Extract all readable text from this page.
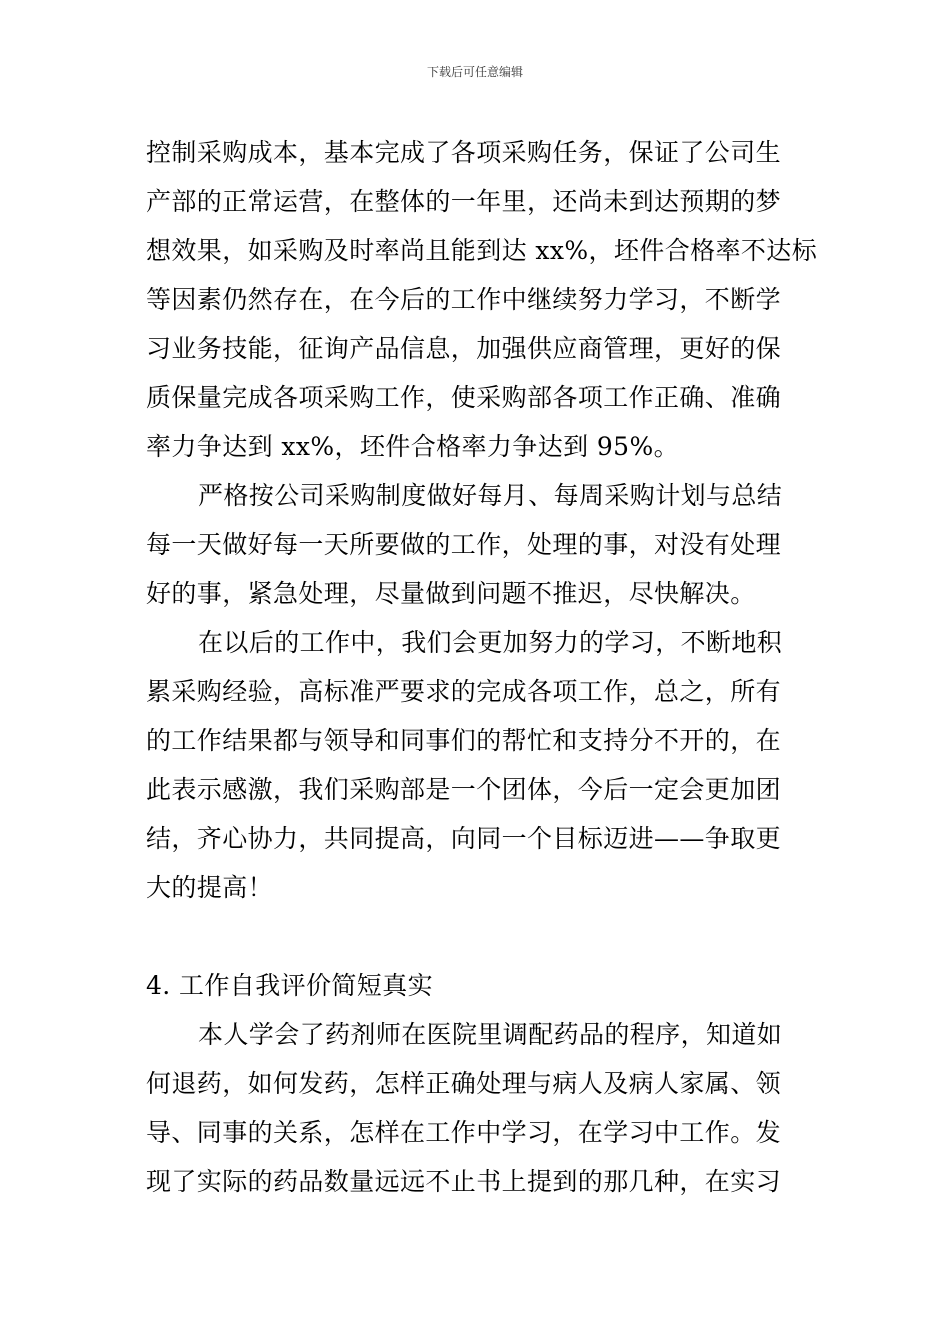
下载后可任意编辑
控制采购成本，基本完成了各项采购任务，保证了公司生
产部的正常运营，在整体的一年里，还尚未到达预期的梦
想效果，如采购及时率尚且能到达 xx%，坯件合格率不达标
等因素仍然存在，在今后的工作中继续努力学习，不断学
习业务技能，征询产品信息，加强供应商管理，更好的保
质保量完成各项采购工作，使采购部各项工作正确、准确
率力争达到 xx%，坯件合格率力争达到 95%。
严格按公司采购制度做好每月、每周采购计划与总结
每一天做好每一天所要做的工作，处理的事，对没有处理
好的事，紧急处理，尽量做到问题不推迟，尽快解决。
在以后的工作中，我们会更加努力的学习，不断地积
累采购经验，高标准严要求的完成各项工作，总之，所有
的工作结果都与领导和同事们的帮忙和支持分不开的，在
此表示感激，我们采购部是一个团体，今后一定会更加团
结，齐心协力，共同提高，向同一个目标迈进——争取更
大的提高！
4. 工作自我评价简短真实
本人学会了药剂师在医院里调配药品的程序，知道如
何退药，如何发药，怎样正确处理与病人及病人家属、领
导、同事的关系，怎样在工作中学习，在学习中工作。发
现了实际的药品数量远远不止书上提到的那几种，在实习
